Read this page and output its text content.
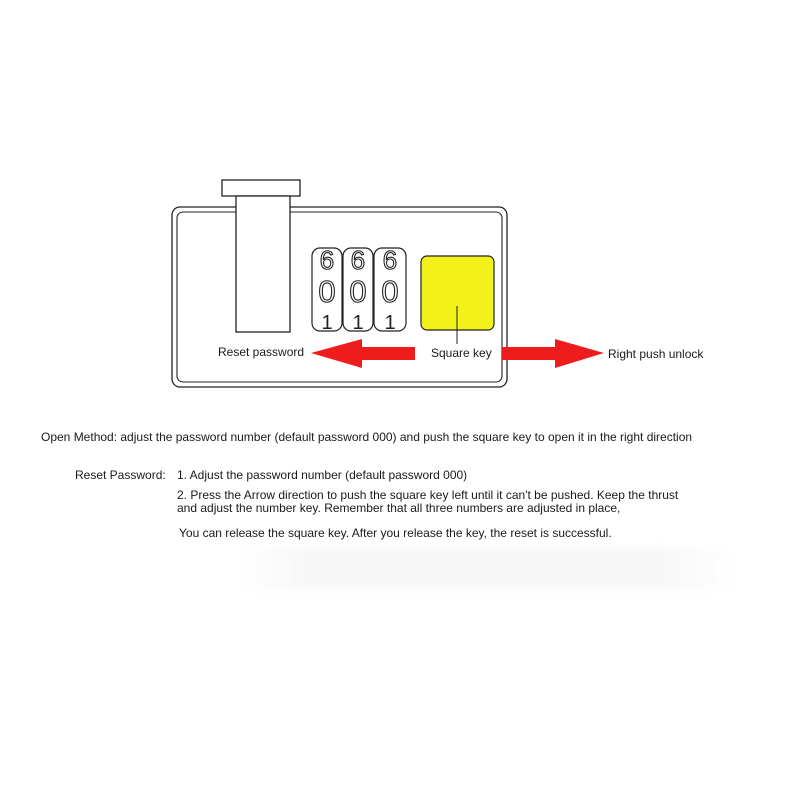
9
0
1
9
0
1
9
0
1
Reset password	Square key	Right push unlock
Open Method: adjust the password number (default password 000) and push the square key to open it in the right direction
Reset Password: 1. Adjust the password number (default password 000)
2. Press the Arrow direction to push the square key left until it can't be pushed. Keep the thrust
and adjust the number key. Remember that all three numbers are adjusted in place,
You can release the square key. After you release the key, the reset is successful.
